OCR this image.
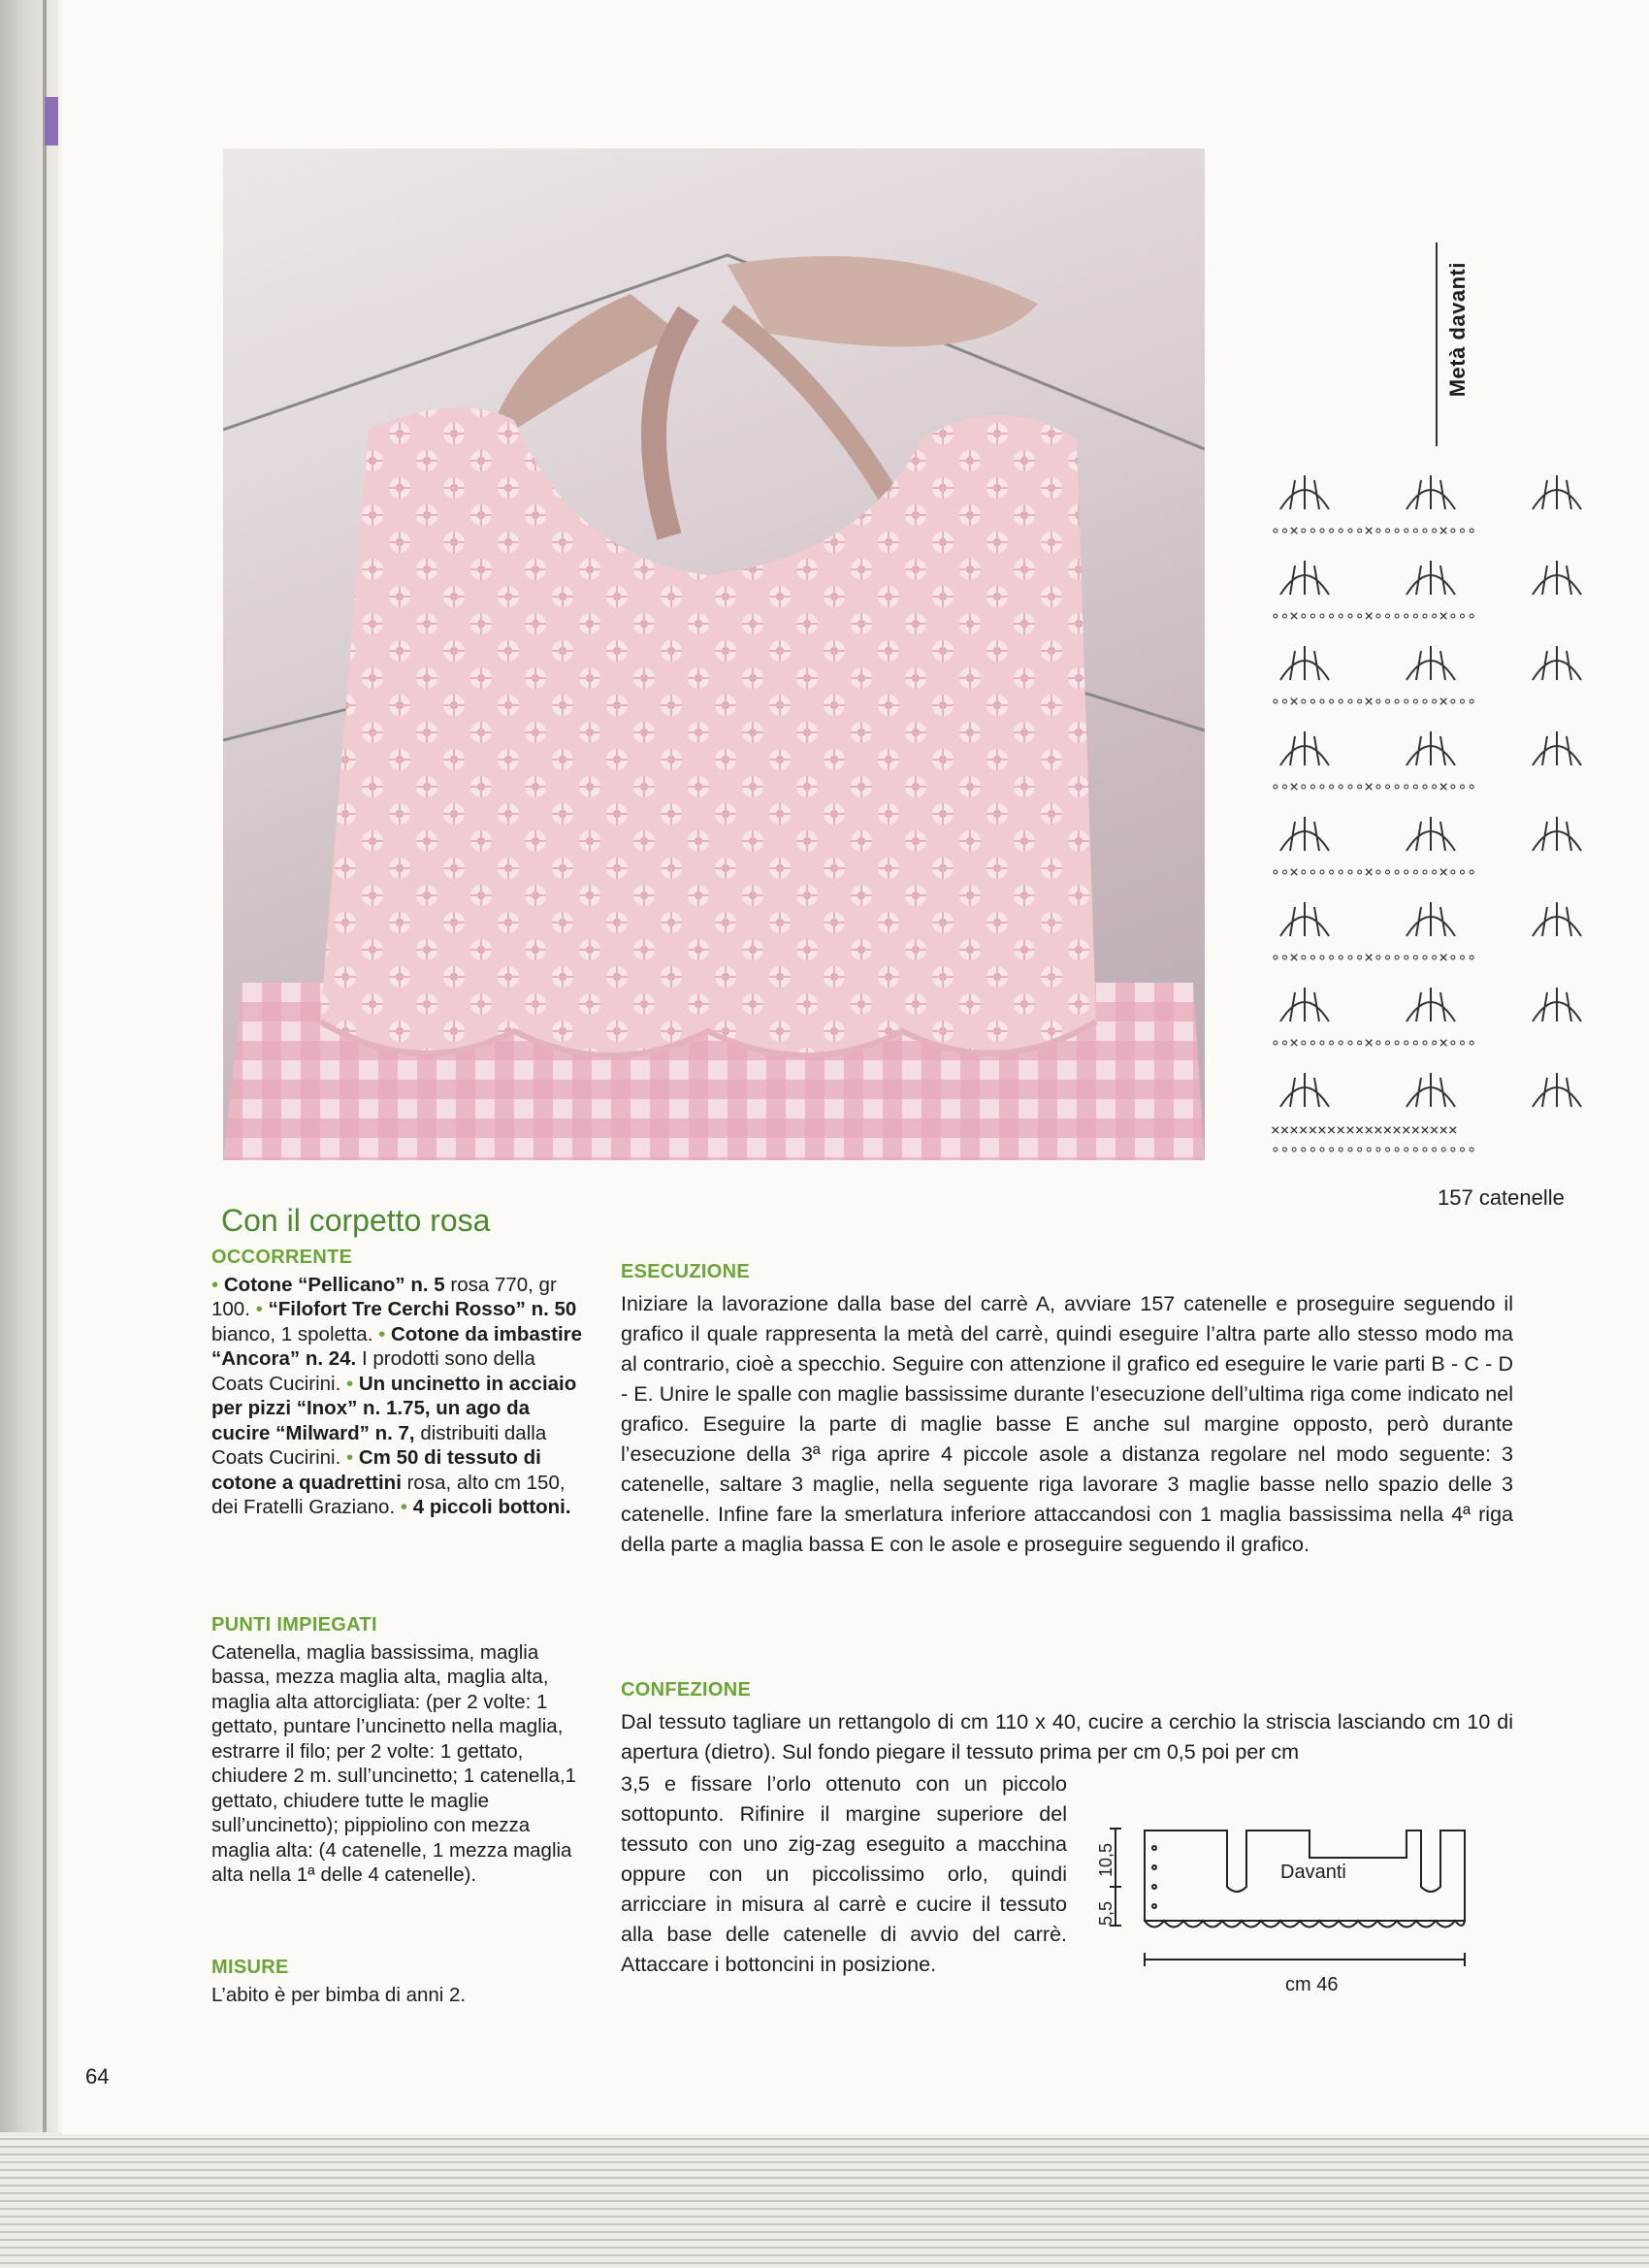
Metà davanti
∘∘×∘∘∘∘∘∘∘×∘∘∘∘∘∘∘×∘∘∘
∘∘×∘∘∘∘∘∘∘×∘∘∘∘∘∘∘×∘∘∘
∘∘×∘∘∘∘∘∘∘×∘∘∘∘∘∘∘×∘∘∘
∘∘×∘∘∘∘∘∘∘×∘∘∘∘∘∘∘×∘∘∘
∘∘×∘∘∘∘∘∘∘×∘∘∘∘∘∘∘×∘∘∘
∘∘×∘∘∘∘∘∘∘×∘∘∘∘∘∘∘×∘∘∘
∘∘×∘∘∘∘∘∘∘×∘∘∘∘∘∘∘×∘∘∘
××××××××××××××××××××
∘∘∘∘∘∘∘∘∘∘∘∘∘∘∘∘∘∘∘∘∘∘
157 catenelle
Con il corpetto rosa
OCCORRENTE

• Cotone “Pellicano” n. 5 rosa 770, gr 100. • “Filofort Tre Cerchi Rosso” n. 50 bianco, 1 spoletta. • Cotone da imbastire “Ancora” n. 24. I prodotti sono della Coats Cucirini. • Un uncinetto in acciaio per pizzi “Inox” n. 1.75, un ago da cucire “Milward” n. 7, distribuiti dalla Coats Cucirini. • Cm 50 di tessuto di cotone a quadrettini rosa, alto cm 150, dei Fratelli Graziano. • 4 piccoli bottoni.

PUNTI IMPIEGATI

Catenella, maglia bassissima, maglia bassa, mezza maglia alta, maglia alta, maglia alta attorcigliata: (per 2 volte: 1 gettato, puntare l’uncinetto nella maglia, estrarre il filo; per 2 volte: 1 gettato, chiudere 2 m. sull’uncinetto; 1 catenella,1 gettato, chiudere tutte le maglie sull’uncinetto); pippiolino con mezza maglia alta: (4 catenelle, 1 mezza maglia alta nella 1ª delle 4 catenelle).

MISURE

L’abito è per bimba di anni 2.

ESECUZIONE

Iniziare la lavorazione dalla base del carrè A, avviare 157 catenelle e proseguire seguendo il grafico il quale rappresenta la metà del carrè, quindi eseguire l’altra parte allo stesso modo ma al contrario, cioè a specchio. Seguire con attenzione il grafico ed eseguire le varie parti B - C - D - E. Unire le spalle con maglie bassissime durante l’esecuzione dell’ultima riga come indicato nel grafico. Eseguire la parte di maglie basse E anche sul margine opposto, però durante l’esecuzione della 3ª riga aprire 4 piccole asole a distanza regolare nel modo seguente: 3 catenelle, saltare 3 maglie, nella seguente riga lavorare 3 maglie basse nello spazio delle 3 catenelle. Infine fare la smerlatura inferiore attaccandosi con 1 maglia bassissima nella 4ª riga della parte a maglia bassa E con le asole e proseguire seguendo il grafico.

CONFEZIONE

Dal tessuto tagliare un rettangolo di cm 110 x 40, cucire a cerchio la striscia lasciando cm 10 di apertura (dietro). Sul fondo piegare il tessuto prima per cm 0,5 poi per cm

3,5 e fissare l’orlo ottenuto con un piccolo sottopunto. Rifinire il margine superiore del tessuto con uno zig-zag eseguito a macchina oppure con un piccolissimo orlo, quindi arricciare in misura al carrè e cucire il tessuto alla base delle catenelle di avvio del carrè. Attaccare i bottoncini in posizione.

Davanti
10,5
5,5
cm 46
64
